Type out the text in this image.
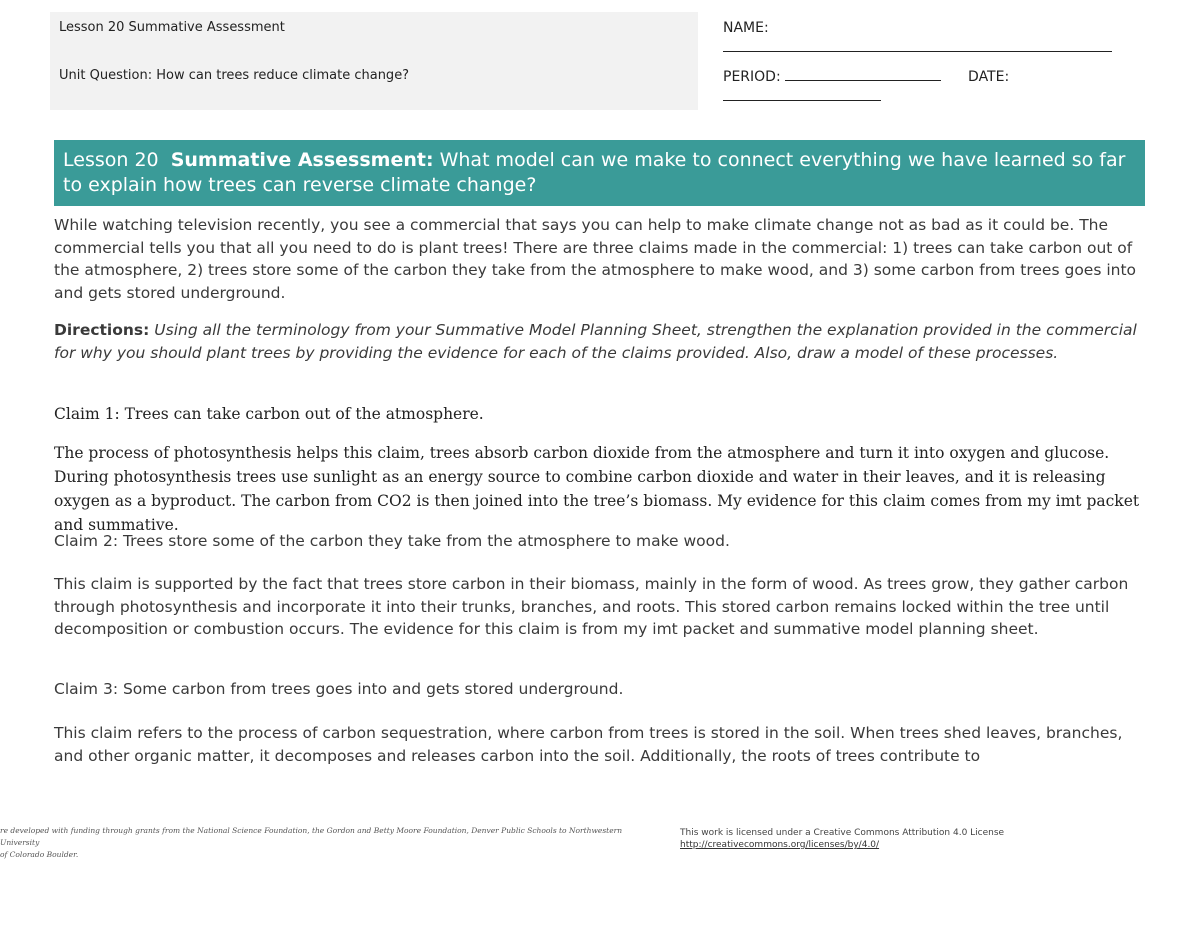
Lesson 20 Summative Assessment
Unit Question: How can trees reduce climate change?
NAME:
PERIOD:	DATE:
Lesson 20 Summative Assessment: What model can we make to connect everything we have learned so far to explain how trees can reverse climate change?

While watching television recently, you see a commercial that says you can help to make climate change not as bad as it could be. The commercial tells you that all you need to do is plant trees! There are three claims made in the commercial: 1) trees can take carbon out of the atmosphere, 2) trees store some of the carbon they take from the atmosphere to make wood, and 3) some carbon from trees goes into and gets stored underground.

Directions: Using all the terminology from your Summative Model Planning Sheet, strengthen the explanation provided in the commercial for why you should plant trees by providing the evidence for each of the claims provided. Also, draw a model of these processes.

Claim 1: Trees can take carbon out of the atmosphere.

The process of photosynthesis helps this claim, trees absorb carbon dioxide from the atmosphere and turn it into oxygen and glucose. During photosynthesis trees use sunlight as an energy source to combine carbon dioxide and water in their leaves, and it is releasing oxygen as a byproduct. The carbon from CO2 is then joined into the tree’s biomass. My evidence for this claim comes from my imt packet and summative.

Claim 2: Trees store some of the carbon they take from the atmosphere to make wood.

This claim is supported by the fact that trees store carbon in their biomass, mainly in the form of wood. As trees grow, they gather carbon through photosynthesis and incorporate it into their trunks, branches, and roots. This stored carbon remains locked within the tree until decomposition or combustion occurs. The evidence for this claim is from my imt packet and summative model planning sheet.

Claim 3: Some carbon from trees goes into and gets stored underground.

This claim refers to the process of carbon sequestration, where carbon from trees is stored in the soil. When trees shed leaves, branches, and other organic matter, it decomposes and releases carbon into the soil. Additionally, the roots of trees contribute to

re developed with funding through grants from the National Science Foundation, the Gordon and Betty Moore Foundation, Denver Public Schools to Northwestern University
of Colorado Boulder.
This work is licensed under a Creative Commons Attribution 4.0 License
http://creativecommons.org/licenses/by/4.0/
